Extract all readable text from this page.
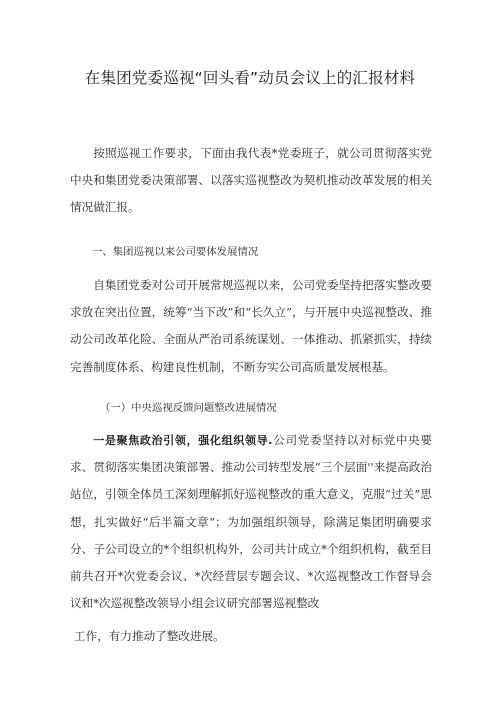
在集团党委巡视“回头看”动员会议上的汇报材料

按照巡视工作要求，下面由我代表*党委班子，就公司贯彻落实党中央和集团党委决策部署、以落实巡视整改为契机推动改革发展的相关情况做汇报。

一、集团巡视以来公司要体发展情况

自集团党委对公司开展常规巡视以来，公司党委坚持把落实整改要求放在突出位置，统筹“当下改”和“长久立”，与开展中央巡视整改、推动公司改革化险、全面从严治司系统谋划、一体推动、抓紧抓实，持续完善制度体系、构建良性机制，不断夯实公司高质量发展根基。

（一）中央巡视反馈问题整改进展情况

一是聚焦政治引领，强化组织领导.公司党委坚持以对标党中央要求、贯彻落实集团决策部署、推动公司转型发展“三个层面''来提高政治站位，引领全体员工深刻理解抓好巡视整改的重大意义，克服“过关”思想，扎实做好“后半篇文章“；为加强组织领导，除满足集团明确要求分、子公司设立的*个组织机构外，公司共计成立*个组织机构，截至目前共召开*次党委会议、*次经营层专题会议、*次巡视整改工作督导会议和*次巡视整改领导小组会议研究部署巡视整改

工作，有力推动了整改进展。
